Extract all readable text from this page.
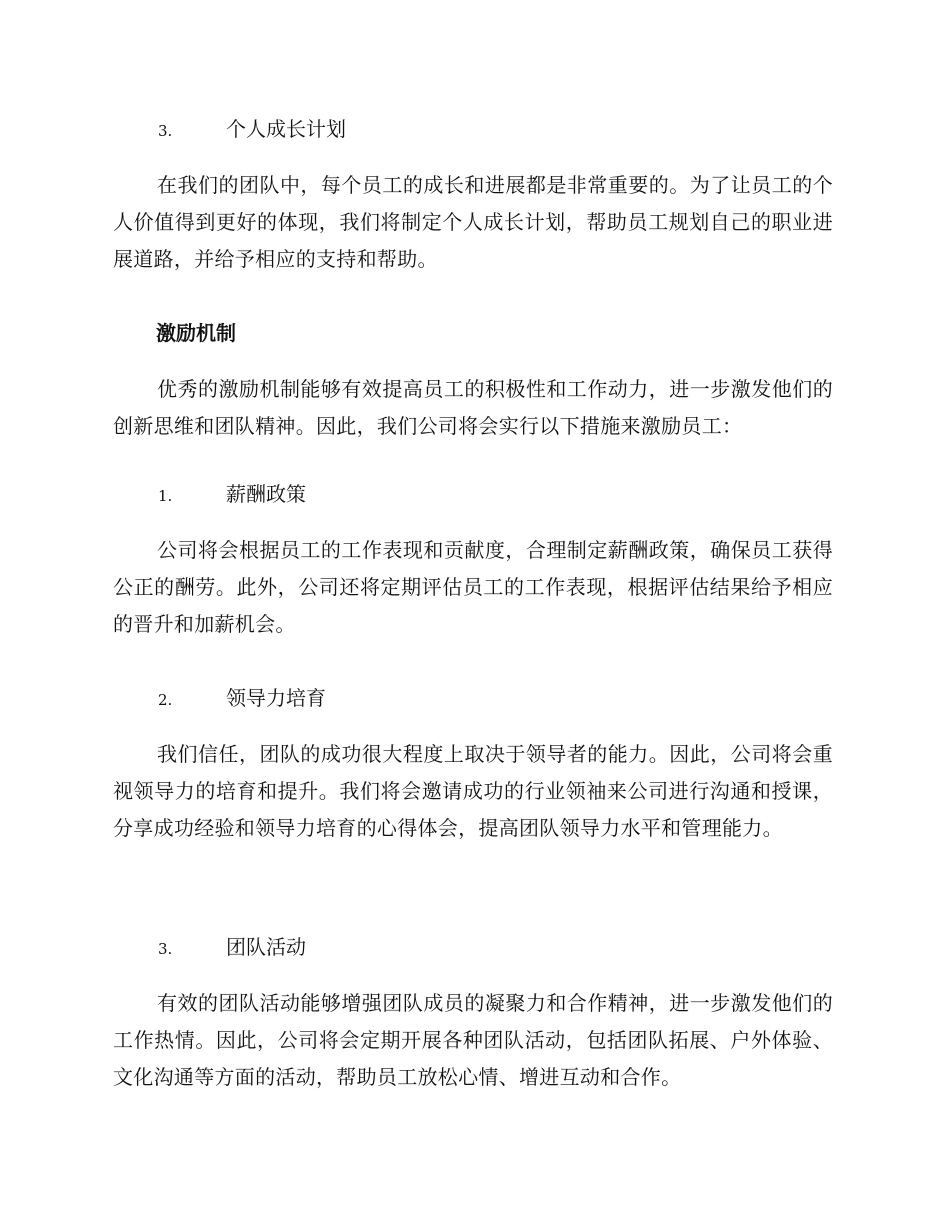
3.	个人成长计划

在我们的团队中，每个员工的成长和进展都是非常重要的。为了让员工的个人价值得到更好的体现，我们将制定个人成长计划，帮助员工规划自己的职业进展道路，并给予相应的支持和帮助。

激励机制

优秀的激励机制能够有效提高员工的积极性和工作动力，进一步激发他们的创新思维和团队精神。因此，我们公司将会实行以下措施来激励员工：

1.	薪酬政策

公司将会根据员工的工作表现和贡献度，合理制定薪酬政策，确保员工获得公正的酬劳。此外，公司还将定期评估员工的工作表现，根据评估结果给予相应的晋升和加薪机会。

2.	领导力培育

我们信任，团队的成功很大程度上取决于领导者的能力。因此，公司将会重视领导力的培育和提升。我们将会邀请成功的行业领袖来公司进行沟通和授课，分享成功经验和领导力培育的心得体会，提高团队领导力水平和管理能力。

3.	团队活动

有效的团队活动能够增强团队成员的凝聚力和合作精神，进一步激发他们的工作热情。因此，公司将会定期开展各种团队活动，包括团队拓展、户外体验、文化沟通等方面的活动，帮助员工放松心情、增进互动和合作。
